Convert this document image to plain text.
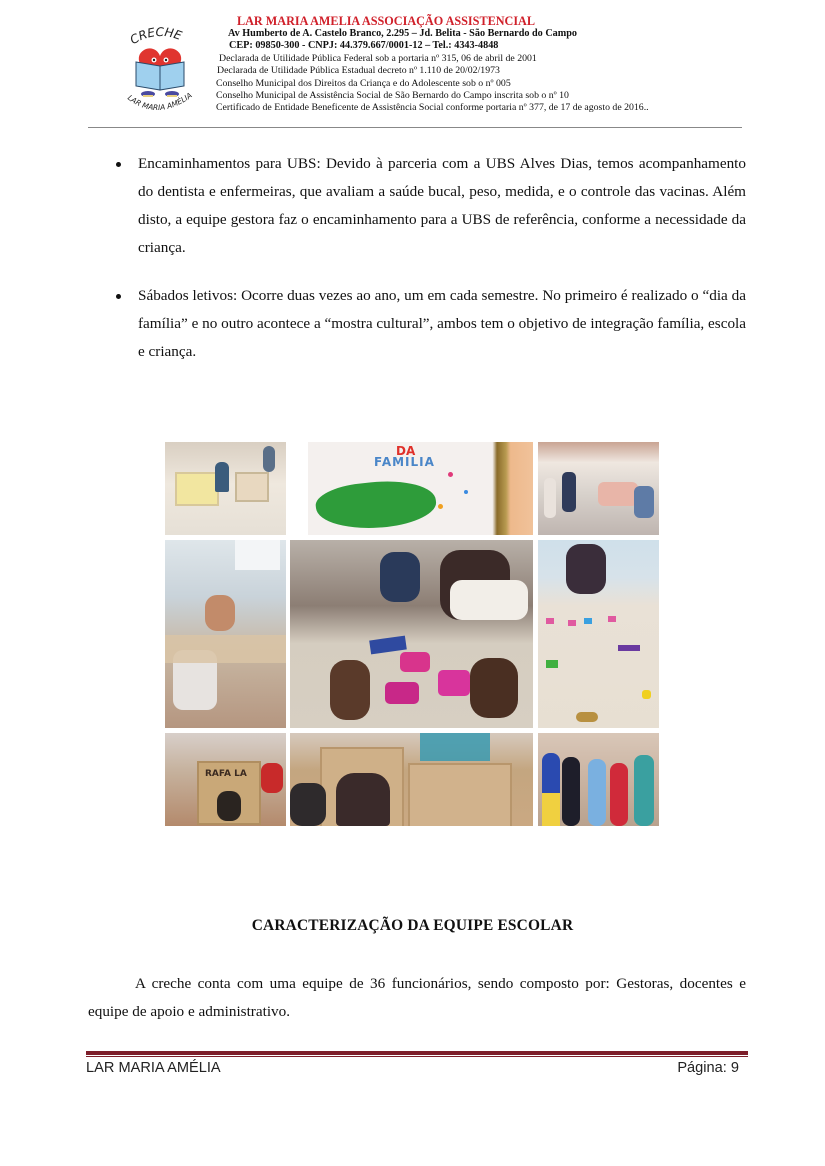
CRECHE
LAR MARIA AMÉLIA
LAR MARIA AMELIA ASSOCIAÇÃO ASSISTENCIAL
Av Humberto de A. Castelo Branco, 2.295 – Jd. Belita - São Bernardo do Campo
CEP: 09850-300 - CNPJ: 44.379.667/0001-12 – Tel.: 4343-4848
Declarada de Utilidade Pública Federal sob a portaria nº 315, 06 de abril de 2001
Declarada de Utilidade Pública Estadual decreto nº 1.110 de 20/02/1973
Conselho Municipal dos Direitos da Criança e do Adolescente sob o nº 005
Conselho Municipal de Assistência Social de São Bernardo do Campo inscrita sob o nº 10
Certificado de Entidade Beneficente de Assistência Social conforme portaria nº 377, de 17 de agosto de 2016..

Encaminhamentos para UBS: Devido à parceria com a UBS Alves Dias, temos acompanhamento do dentista e enfermeiras, que avaliam a saúde bucal, peso, medida, e o controle das vacinas. Além disto, a equipe gestora faz o encaminhamento para a UBS de referência, conforme a necessidade da criança.

Sábados letivos: Ocorre duas vezes ao ano, um em cada semestre. No primeiro é realizado o “dia da família” e no outro acontece a “mostra cultural”, ambos tem o objetivo de integração família, escola e criança.

DA
FAMILIA
RAFA LA
CARACTERIZAÇÃO DA EQUIPE ESCOLAR

A creche conta com uma equipe de 36 funcionários, sendo composto por: Gestoras, docentes e equipe de apoio e administrativo.

LAR MARIA AMÉLIA	Página: 9
